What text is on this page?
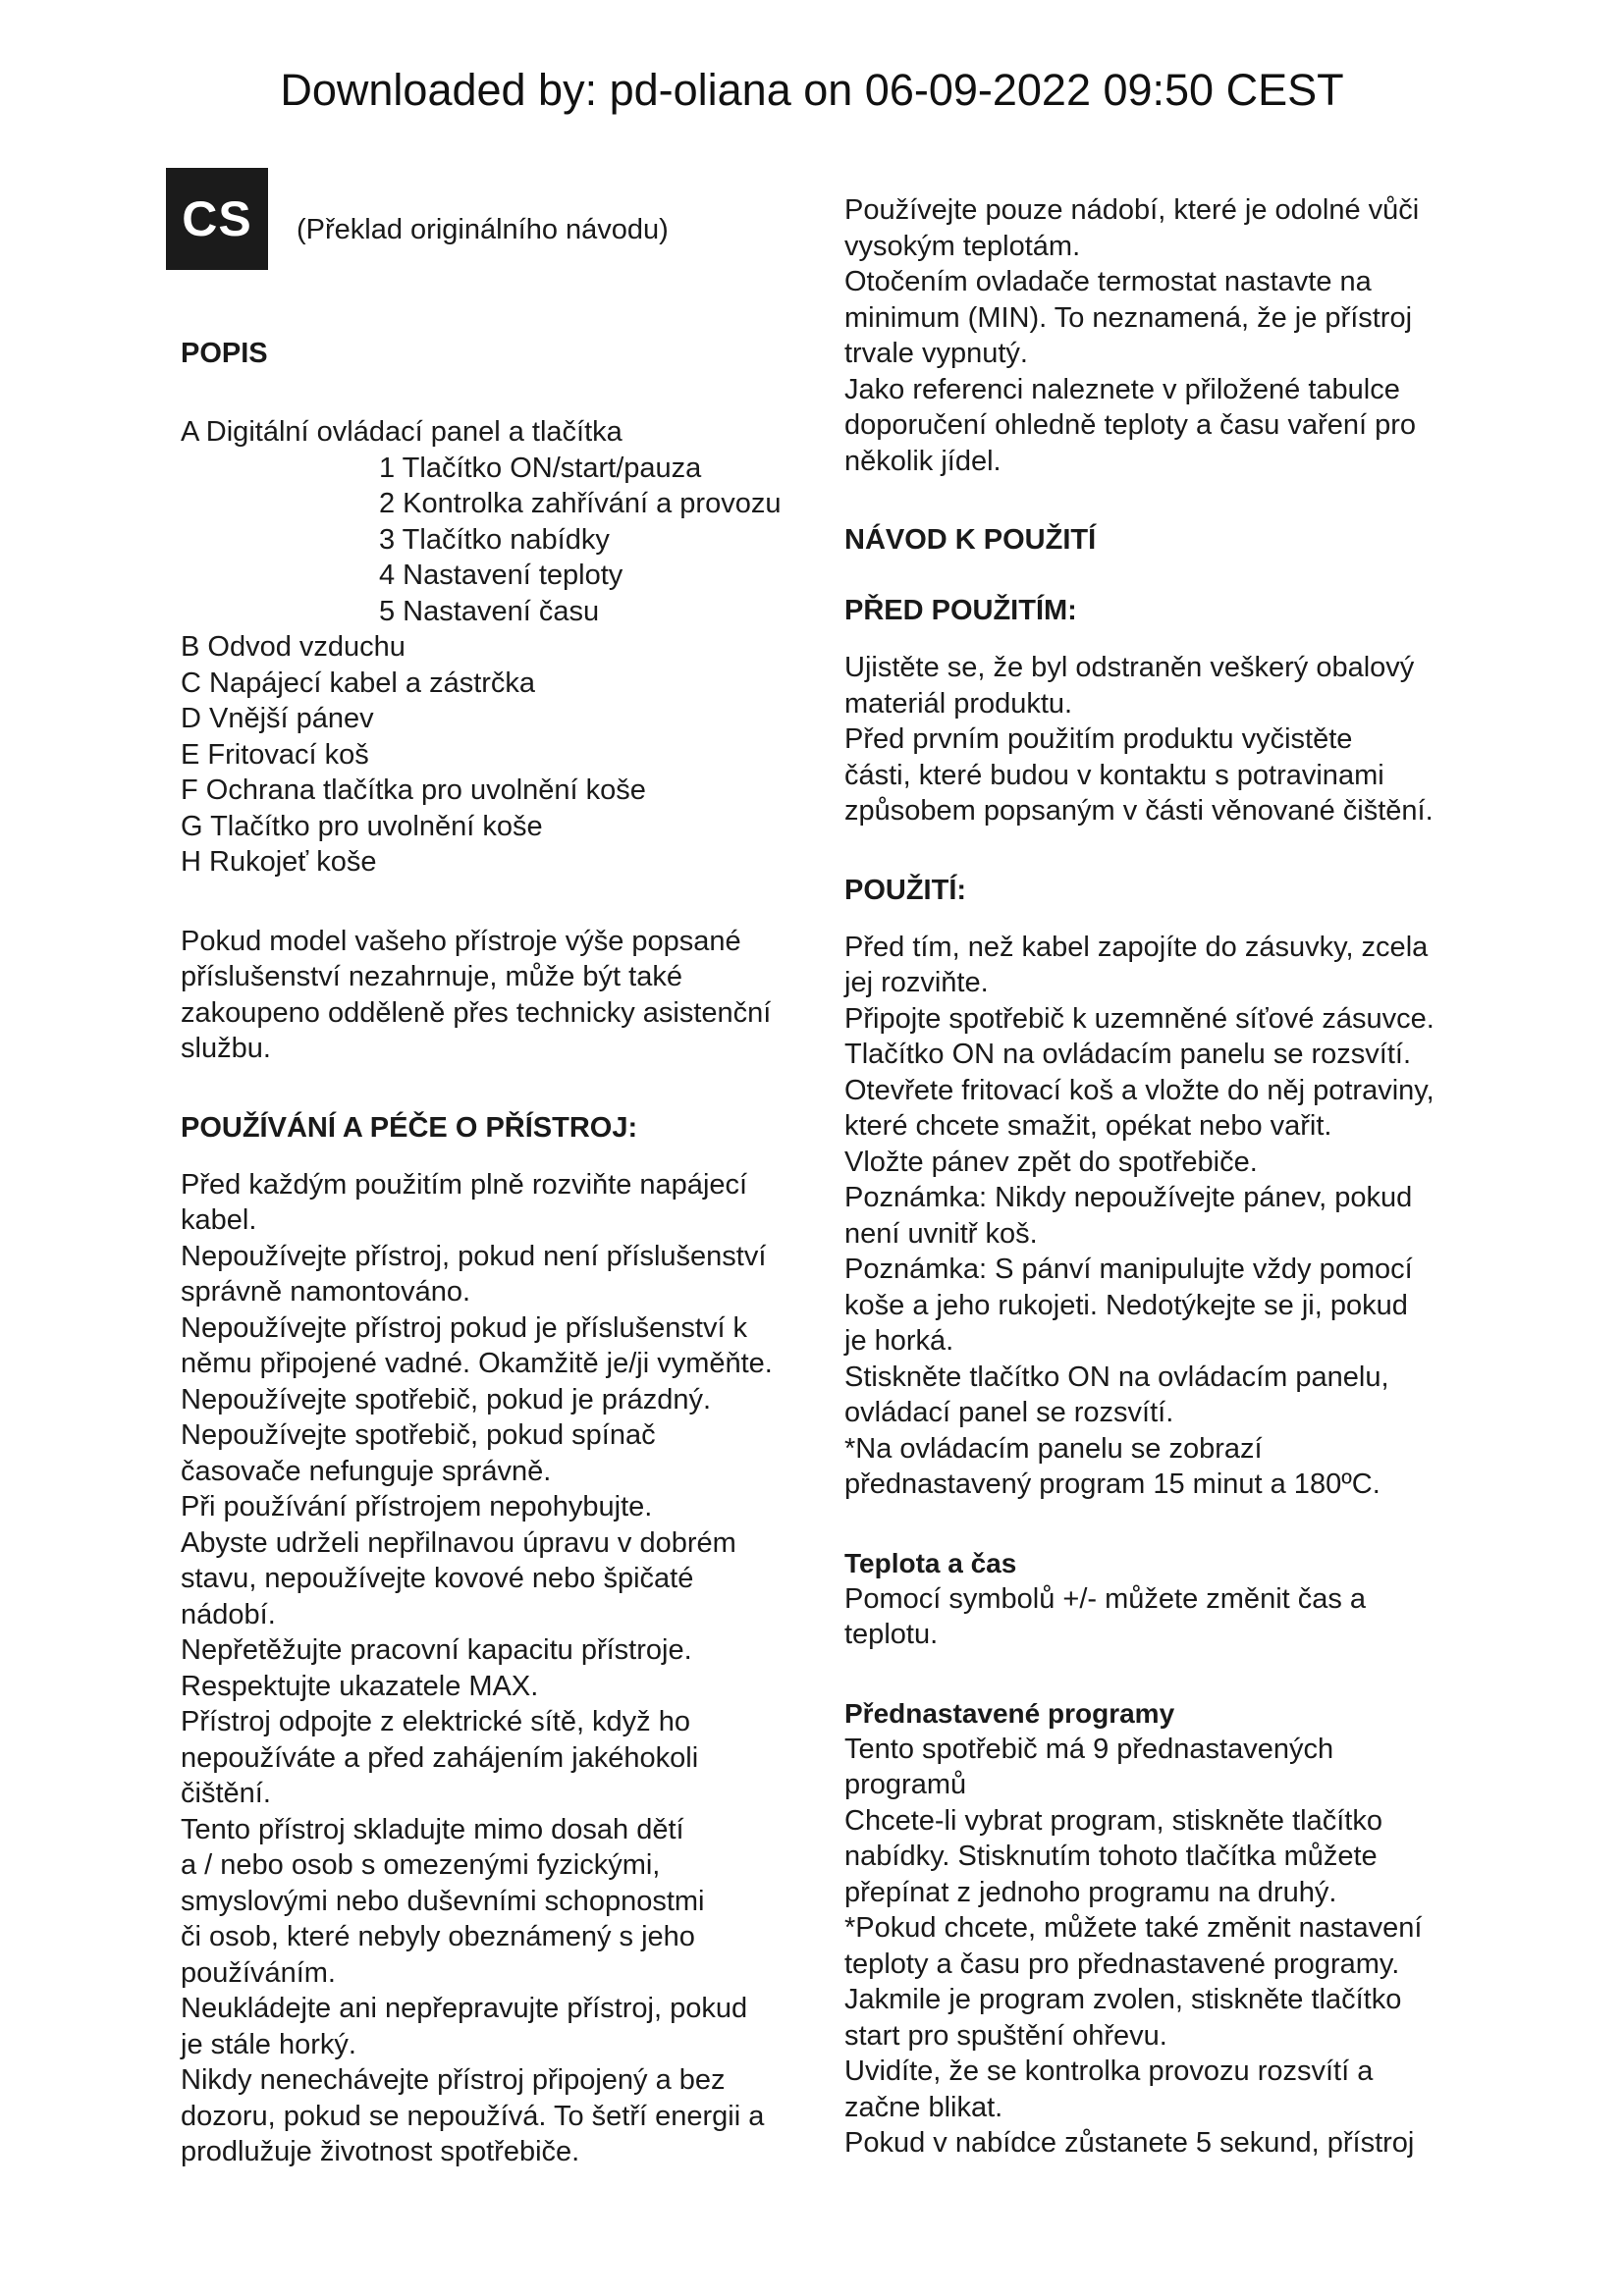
Downloaded by: pd-oliana on 06-09-2022 09:50 CEST
CS	(Překlad originálního návodu)
POPIS
A Digitální ovládací panel a tlačítka
1 Tlačítko ON/start/pauza
2 Kontrolka zahřívání a provozu
3 Tlačítko nabídky
4 Nastavení teploty
5 Nastavení času
B Odvod vzduchu
C Napájecí kabel a zástrčka
D Vnější pánev
E Fritovací koš
F Ochrana tlačítka pro uvolnění koše
G Tlačítko pro uvolnění koše
H Rukojeť koše
Pokud model vašeho přístroje výše popsané
příslušenství nezahrnuje, může být také
zakoupeno odděleně přes technicky asistenční
službu.
POUŽÍVÁNÍ A PÉČE O PŘÍSTROJ:
Před každým použitím plně rozviňte napájecí
kabel.
Nepoužívejte přístroj, pokud není příslušenství
správně namontováno.
Nepoužívejte přístroj pokud je příslušenství k
němu připojené vadné. Okamžitě je/ji vyměňte.
Nepoužívejte spotřebič, pokud je prázdný.
Nepoužívejte spotřebič, pokud spínač
časovače nefunguje správně.
Při používání přístrojem nepohybujte.
Abyste udrželi nepřilnavou úpravu v dobrém
stavu, nepoužívejte kovové nebo špičaté
nádobí.
Nepřetěžujte pracovní kapacitu přístroje.
Respektujte ukazatele MAX.
Přístroj odpojte z elektrické sítě, když ho
nepoužíváte a před zahájením jakéhokoli
čištění.
Tento přístroj skladujte mimo dosah dětí
a / nebo osob s omezenými fyzickými,
smyslovými nebo duševními schopnostmi
či osob, které nebyly obeznámený s jeho
používáním.
Neukládejte ani nepřepravujte přístroj, pokud
je stále horký.
Nikdy nenechávejte přístroj připojený a bez
dozoru, pokud se nepoužívá. To šetří energii a
prodlužuje životnost spotřebiče.
Používejte pouze nádobí, které je odolné vůči
vysokým teplotám.
Otočením ovladače termostat nastavte na
minimum (MIN). To neznamená, že je přístroj
trvale vypnutý.
Jako referenci naleznete v přiložené tabulce
doporučení ohledně teploty a času vaření pro
několik jídel.
NÁVOD K POUŽITÍ
PŘED POUŽITÍM:
Ujistěte se, že byl odstraněn veškerý obalový
materiál produktu.
Před prvním použitím produktu vyčistěte
části, které budou v kontaktu s potravinami
způsobem popsaným v části věnované čištění.
POUŽITÍ:
Před tím, než kabel zapojíte do zásuvky, zcela
jej rozviňte.
Připojte spotřebič k uzemněné síťové zásuvce.
Tlačítko ON na ovládacím panelu se rozsvítí.
Otevřete fritovací koš a vložte do něj potraviny,
které chcete smažit, opékat nebo vařit.
Vložte pánev zpět do spotřebiče.
Poznámka: Nikdy nepoužívejte pánev, pokud
není uvnitř koš.
Poznámka: S pánví manipulujte vždy pomocí
koše a jeho rukojeti. Nedotýkejte se ji, pokud
je horká.
Stiskněte tlačítko ON na ovládacím panelu,
ovládací panel se rozsvítí.
*Na ovládacím panelu se zobrazí
přednastavený program 15 minut a 180ºC.
Teplota a čas
Pomocí symbolů +/- můžete změnit čas a
teplotu.
Přednastavené programy
Tento spotřebič má 9 přednastavených
programů
Chcete-li vybrat program, stiskněte tlačítko
nabídky. Stisknutím tohoto tlačítka můžete
přepínat z jednoho programu na druhý.
*Pokud chcete, můžete také změnit nastavení
teploty a času pro přednastavené programy.
Jakmile je program zvolen, stiskněte tlačítko
start pro spuštění ohřevu.
Uvidíte, že se kontrolka provozu rozsvítí a
začne blikat.
Pokud v nabídce zůstanete 5 sekund, přístroj
